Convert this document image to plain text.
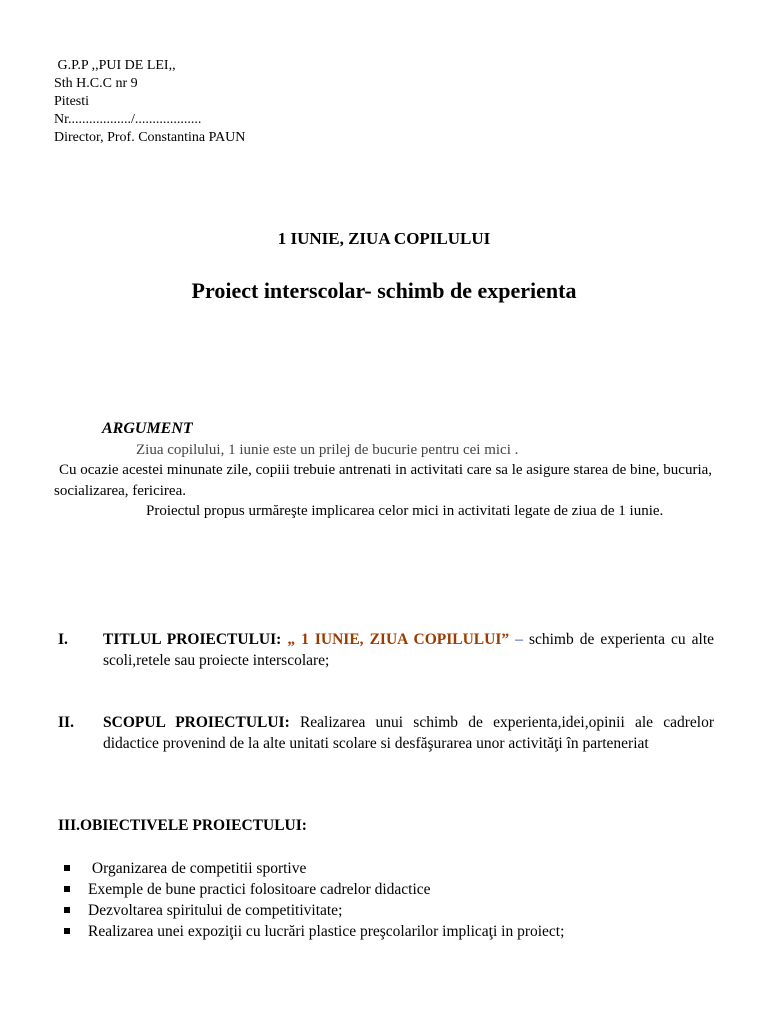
G.P.P ,,PUI DE LEI,,
Sth H.C.C nr 9
Pitesti
Nr................../...................
Director, Prof. Constantina PAUN
1 IUNIE, ZIUA COPILULUI
Proiect interscolar- schimb de experienta
ARGUMENT
Ziua copilului, 1 iunie este un prilej de bucurie pentru cei mici .
Cu ocazie acestei minunate zile, copiii trebuie antrenati in activitati care sa le asigure starea de bine, bucuria, socializarea, fericirea.
Proiectul propus urmăreşte implicarea celor mici in activitati legate de ziua de 1 iunie.
I. TITLUL PROIECTULUI: „ 1 IUNIE, ZIUA COPILULUI” – schimb de experienta cu alte scoli,retele sau proiecte interscolare;
II. SCOPUL PROIECTULUI: Realizarea unui schimb de experienta,idei,opinii ale cadrelor didactice provenind de la alte unitati scolare si desfăşurarea unor activităţi în parteneriat
III.OBIECTIVELE PROIECTULUI:
Organizarea de competitii sportive
Exemple de bune practici folositoare cadrelor didactice
Dezvoltarea spiritului de competitivitate;
Realizarea unei expoziţii cu lucrări plastice preşcolarilor implicaţi in proiect;
